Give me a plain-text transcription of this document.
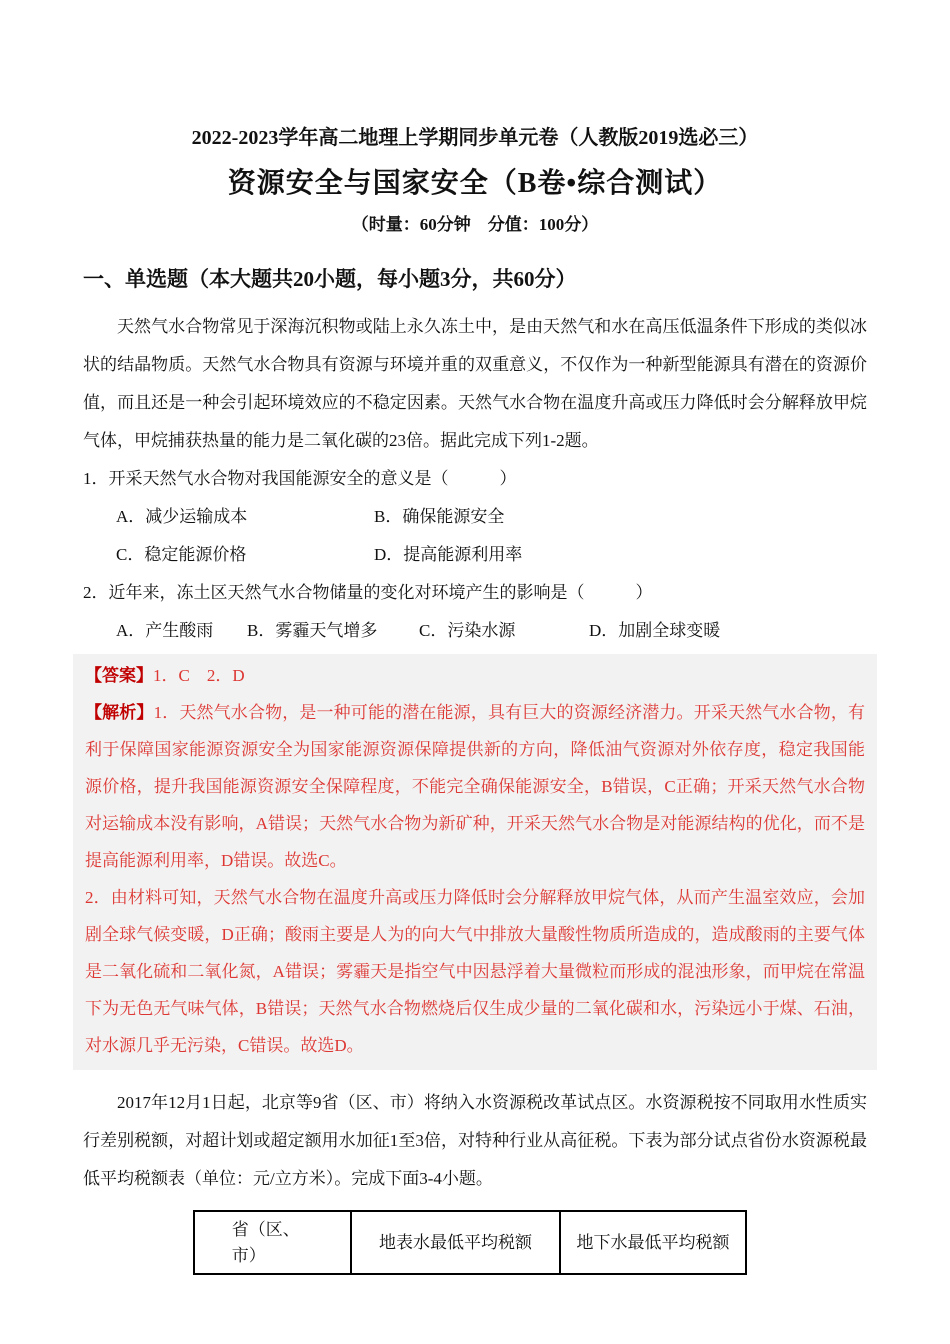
2022-2023学年高二地理上学期同步单元卷（人教版2019选必三）
资源安全与国家安全（B卷•综合测试）
（时量：60分钟　分值：100分）
一、单选题（本大题共20小题，每小题3分，共60分）

天然气水合物常见于深海沉积物或陆上永久冻土中，是由天然气和水在高压低温条件下形成的类似冰状的结晶物质。天然气水合物具有资源与环境并重的双重意义，不仅作为一种新型能源具有潜在的资源价值，而且还是一种会引起环境效应的不稳定因素。天然气水合物在温度升高或压力降低时会分解释放甲烷气体，甲烷捕获热量的能力是二氧化碳的23倍。据此完成下列1-2题。

1．开采天然气水合物对我国能源安全的意义是（　　　）

A．减少运输成本	B．确保能源安全
C．稳定能源价格	D．提高能源利用率

2．近年来，冻土区天然气水合物储量的变化对环境产生的影响是（　　　）

A．产生酸雨	B．雾霾天气增多	C．污染水源	D．加剧全球变暖

【答案】1．C　2．D

【解析】1．天然气水合物，是一种可能的潜在能源，具有巨大的资源经济潜力。开采天然气水合物，有利于保障国家能源资源安全为国家能源资源保障提供新的方向，降低油气资源对外依存度，稳定我国能源价格，提升我国能源资源安全保障程度，不能完全确保能源安全，B错误，C正确；开采天然气水合物对运输成本没有影响，A错误；天然气水合物为新矿种，开采天然气水合物是对能源结构的优化，而不是提高能源利用率，D错误。故选C。

2．由材料可知，天然气水合物在温度升高或压力降低时会分解释放甲烷气体，从而产生温室效应，会加剧全球气候变暖，D正确；酸雨主要是人为的向大气中排放大量酸性物质所造成的，造成酸雨的主要气体是二氧化硫和二氧化氮，A错误；雾霾天是指空气中因悬浮着大量微粒而形成的混浊形象，而甲烷在常温下为无色无气味气体，B错误；天然气水合物燃烧后仅生成少量的二氧化碳和水，污染远小于煤、石油，对水源几乎无污染，C错误。故选D。

2017年12月1日起，北京等9省（区、市）将纳入水资源税改革试点区。水资源税按不同取用水性质实行差别税额，对超计划或超定额用水加征1至3倍，对特种行业从高征税。下表为部分试点省份水资源税最低平均税额表（单位：元/立方米）。完成下面3-4小题。

省（区、市）	地表水最低平均税额	地下水最低平均税额
